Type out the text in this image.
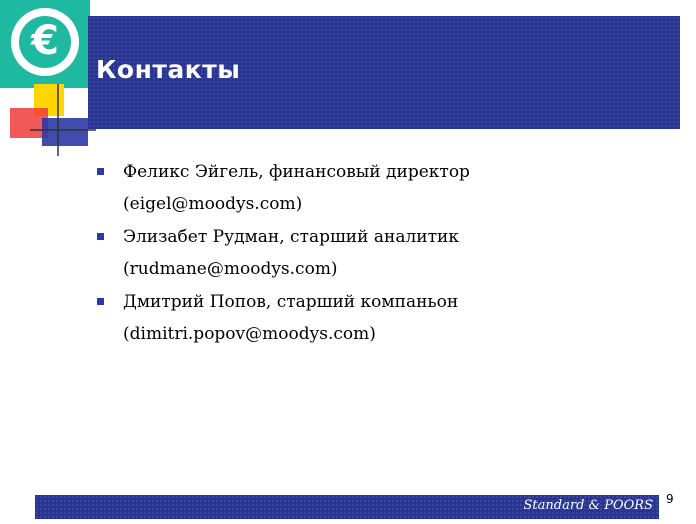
€
Контакты
Феликс Эйгель, финансовый директор
(eigel@moodys.com)
Элизабет Рудман, старший аналитик
(rudmane@moodys.com)
Дмитрий Попов, старший компаньон
(dimitri.popov@moodys.com)
Standard & POORS 9
